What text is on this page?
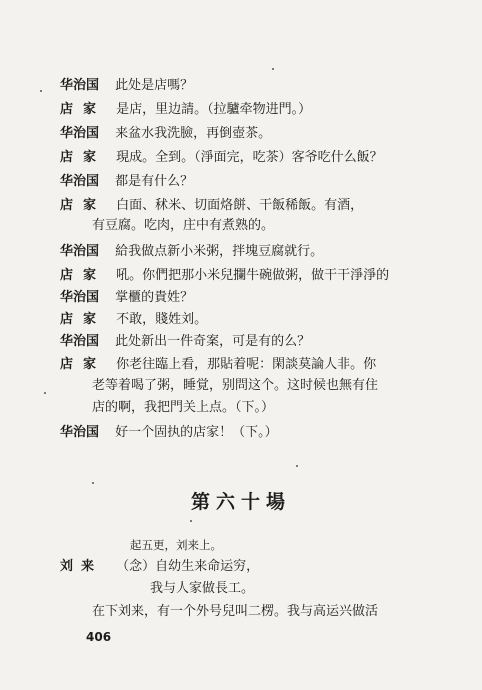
华治国 此处是店嗎？
店家 是店，里边請。（拉驢牵物进門。）
华治国 来盆水我洗臉，再倒壺茶。
店家 現成。全到。（淨面完，吃茶）客爷吃什么飯？
华治国 都是有什么？
店家 白面、秫米、切面烙餅、干飯稀飯。有酒，
有豆腐。吃肉，庄中有煮熟的。
华治国 給我做点新小米粥，拌塊豆腐就行。
店家 吼。你們把那小米兒攔牛碗做粥，做干干淨淨的
华治国 掌櫃的貴姓？
店家 不敢，賤姓刘。
华治国 此处新出一件奇案，可是有的么？
店家 你老往臨上看，那貼着呢：閑談莫論人非。你
老等着喝了粥，睡覚，别問这个。这时候也無有住
店的啊，我把門关上点。（下。）
华治国 好一个固执的店家！（下。）
第六十場
起五更，刘来上。
刘来 （念）自幼生来命运穷，
我与人家做長工。
在下刘来，有一个外号兒叫二楞。我与高运兴做活
406
